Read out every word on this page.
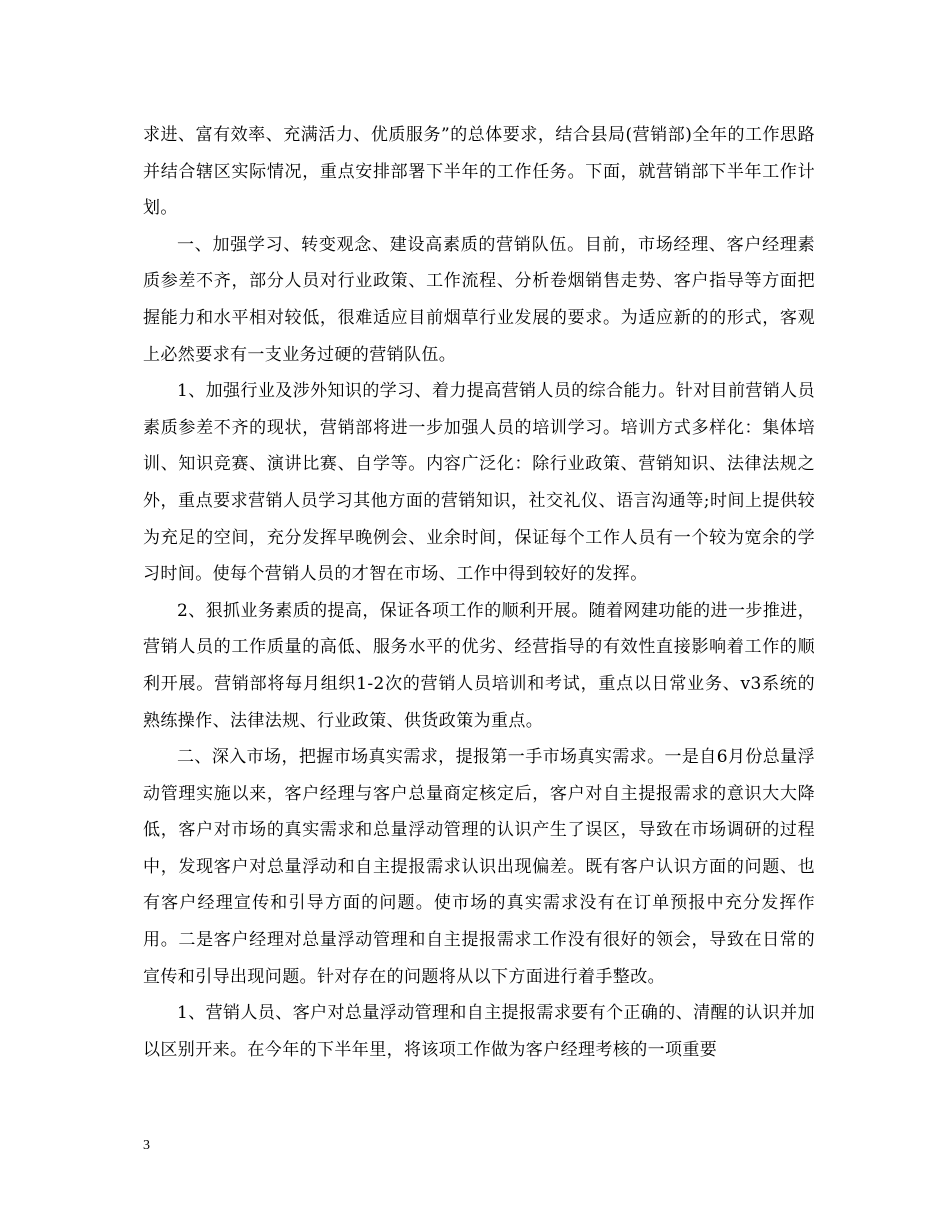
求进、富有效率、充满活力、优质服务”的总体要求，结合县局(营销部)全年的工作思路并结合辖区实际情况，重点安排部署下半年的工作任务。下面，就营销部下半年工作计划。

一、加强学习、转变观念、建设高素质的营销队伍。目前，市场经理、客户经理素质参差不齐，部分人员对行业政策、工作流程、分析卷烟销售走势、客户指导等方面把握能力和水平相对较低，很难适应目前烟草行业发展的要求。为适应新的的形式，客观上必然要求有一支业务过硬的营销队伍。

1、加强行业及涉外知识的学习、着力提高营销人员的综合能力。针对目前营销人员素质参差不齐的现状，营销部将进一步加强人员的培训学习。培训方式多样化：集体培训、知识竞赛、演讲比赛、自学等。内容广泛化：除行业政策、营销知识、法律法规之外，重点要求营销人员学习其他方面的营销知识，社交礼仪、语言沟通等;时间上提供较为充足的空间，充分发挥早晚例会、业余时间，保证每个工作人员有一个较为宽余的学习时间。使每个营销人员的才智在市场、工作中得到较好的发挥。

2、狠抓业务素质的提高，保证各项工作的顺利开展。随着网建功能的进一步推进，营销人员的工作质量的高低、服务水平的优劣、经营指导的有效性直接影响着工作的顺利开展。营销部将每月组织1-2次的营销人员培训和考试，重点以日常业务、v3系统的熟练操作、法律法规、行业政策、供货政策为重点。

二、深入市场，把握市场真实需求，提报第一手市场真实需求。一是自6月份总量浮动管理实施以来，客户经理与客户总量商定核定后，客户对自主提报需求的意识大大降低，客户对市场的真实需求和总量浮动管理的认识产生了误区，导致在市场调研的过程中，发现客户对总量浮动和自主提报需求认识出现偏差。既有客户认识方面的问题、也有客户经理宣传和引导方面的问题。使市场的真实需求没有在订单预报中充分发挥作用。二是客户经理对总量浮动管理和自主提报需求工作没有很好的领会，导致在日常的宣传和引导出现问题。针对存在的问题将从以下方面进行着手整改。

1、营销人员、客户对总量浮动管理和自主提报需求要有个正确的、清醒的认识并加以区别开来。在今年的下半年里，将该项工作做为客户经理考核的一项重要

3
